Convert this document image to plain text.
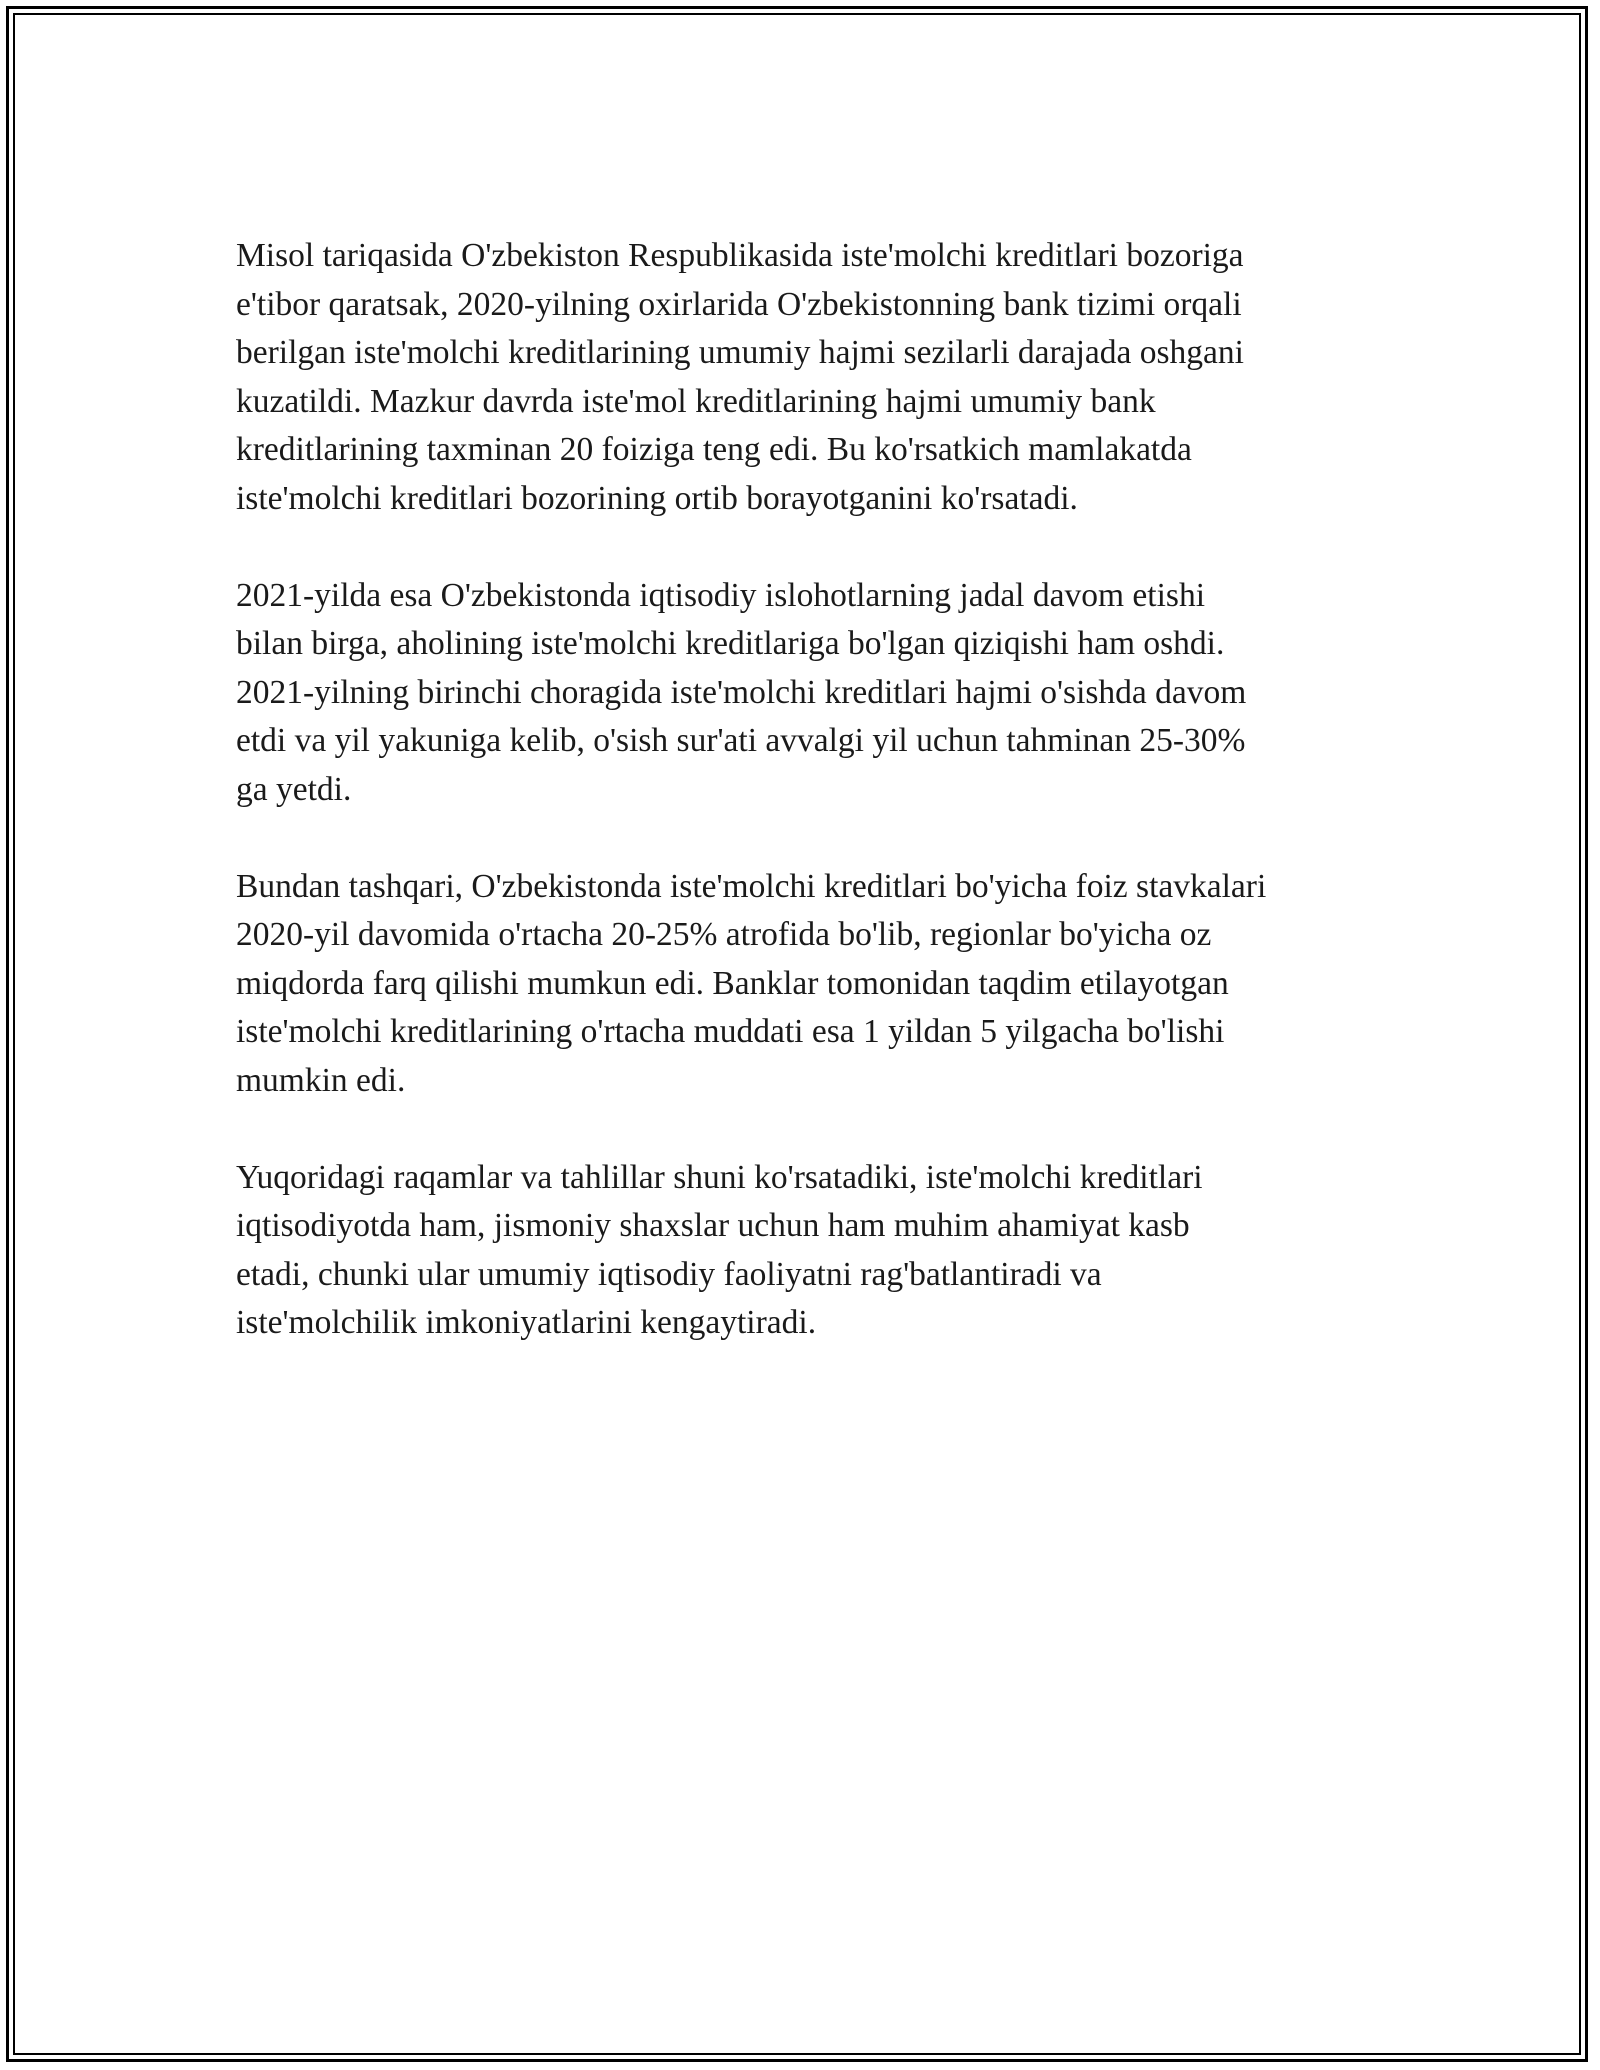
Misol tariqasida O'zbekiston Respublikasida iste'molchi kreditlari bozoriga
e'tibor qaratsak, 2020-yilning oxirlarida O'zbekistonning bank tizimi orqali
berilgan iste'molchi kreditlarining umumiy hajmi sezilarli darajada oshgani
kuzatildi. Mazkur davrda iste'mol kreditlarining hajmi umumiy bank
kreditlarining taxminan 20 foiziga teng edi. Bu ko'rsatkich mamlakatda
iste'molchi kreditlari bozorining ortib borayotganini ko'rsatadi.

2021-yilda esa O'zbekistonda iqtisodiy islohotlarning jadal davom etishi
bilan birga, aholining iste'molchi kreditlariga bo'lgan qiziqishi ham oshdi.
2021-yilning birinchi choragida iste'molchi kreditlari hajmi o'sishda davom
etdi va yil yakuniga kelib, o'sish sur'ati avvalgi yil uchun tahminan 25-30%
ga yetdi.

Bundan tashqari, O'zbekistonda iste'molchi kreditlari bo'yicha foiz stavkalari
2020-yil davomida o'rtacha 20-25% atrofida bo'lib, regionlar bo'yicha oz
miqdorda farq qilishi mumkun edi. Banklar tomonidan taqdim etilayotgan
iste'molchi kreditlarining o'rtacha muddati esa 1 yildan 5 yilgacha bo'lishi
mumkin edi.

Yuqoridagi raqamlar va tahlillar shuni ko'rsatadiki, iste'molchi kreditlari
iqtisodiyotda ham, jismoniy shaxslar uchun ham muhim ahamiyat kasb
etadi, chunki ular umumiy iqtisodiy faoliyatni rag'batlantiradi va
iste'molchilik imkoniyatlarini kengaytiradi.
